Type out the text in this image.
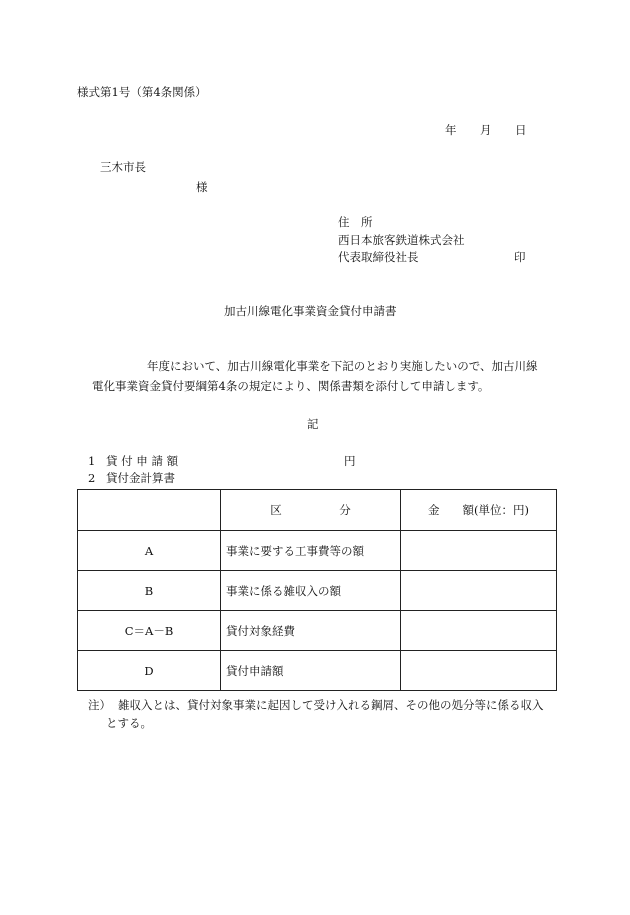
様式第1号（第4条関係）
年 月 日
三木市長
様
住　所
西日本旅客鉄道株式会社
代表取締役社長	印
加古川線電化事業資金貸付申請書
年度において、加古川線電化事業を下記のとおり実施したいので、加古川線
電化事業資金貸付要綱第4条の規定により、関係書類を添付して申請します。
記
1 貸 付 申 請 額	円
2 貸付金計算書
	区　　　　　分	金　　額(単位：円)
A	事業に要する工事費等の額	
B	事業に係る雑収入の額	
C＝A－B	貸付対象経費	
D	貸付申請額	
注） 雑収入とは、貸付対象事業に起因して受け入れる鋼屑、その他の処分等に係る収入
とする。
